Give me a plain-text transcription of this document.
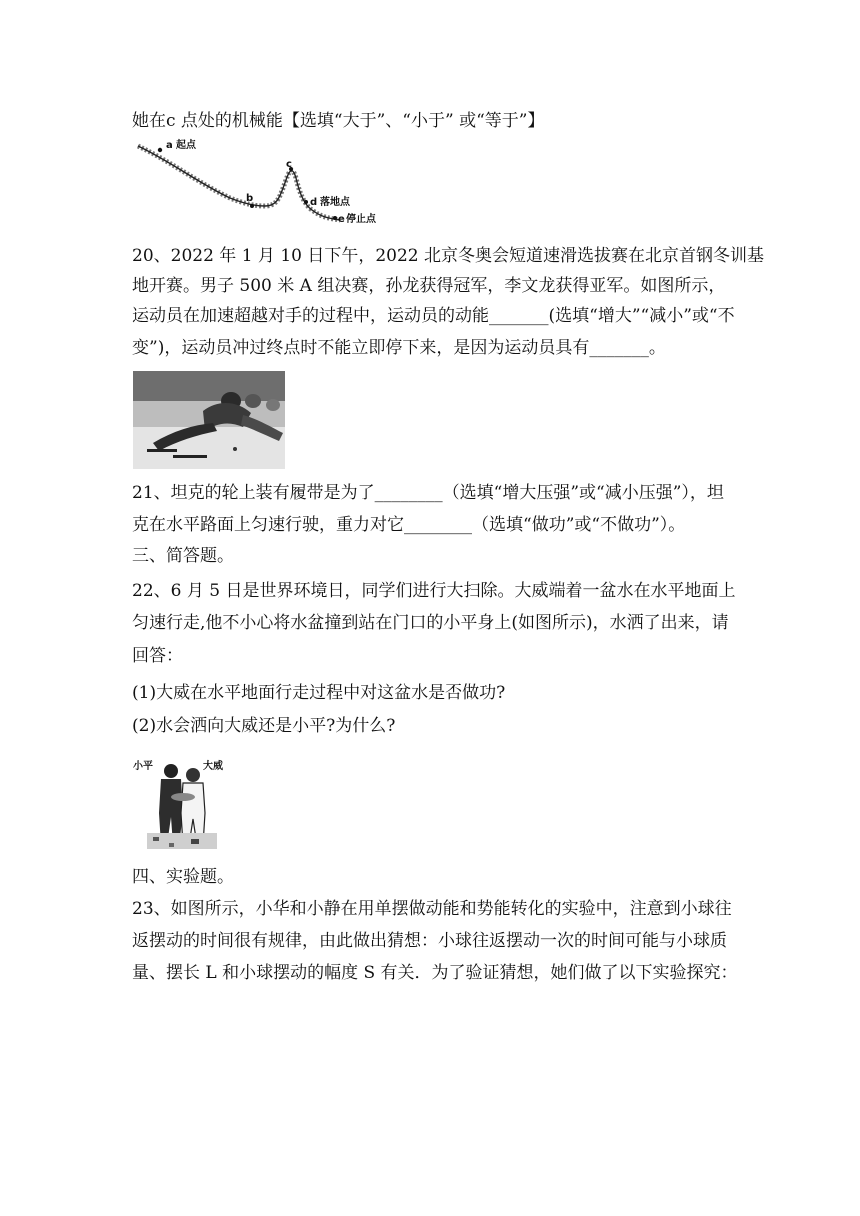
她在c 点处的机械能【选填“大于”、“小于” 或“等于”】
a 起点
b
c
d 落地点
e 停止点
20、2022 年 1 月 10 日下午，2022 北京冬奥会短道速滑选拔赛在北京首钢冬训基
地开赛。男子 500 米 A 组决赛，孙龙获得冠军，李文龙获得亚军。如图所示，
运动员在加速超越对手的过程中，运动员的动能_______(选填“增大”“减小”或“不
变”)，运动员冲过终点时不能立即停下来，是因为运动员具有_______。
21、坦克的轮上装有履带是为了________（选填“增大压强”或“减小压强”），坦
克在水平路面上匀速行驶，重力对它________（选填“做功”或“不做功”）。
三、简答题。
22、6 月 5 日是世界环境日，同学们进行大扫除。大威端着一盆水在水平地面上
匀速行走,他不小心将水盆撞到站在门口的小平身上(如图所示)，水洒了出来，请
回答：
(1)大威在水平地面行走过程中对这盆水是否做功?
(2)水会洒向大威还是小平?为什么?
小平	大威
四、实验题。
23、如图所示，小华和小静在用单摆做动能和势能转化的实验中，注意到小球往
返摆动的时间很有规律，由此做出猜想：小球往返摆动一次的时间可能与小球质
量、摆长 L 和小球摆动的幅度 S 有关．为了验证猜想，她们做了以下实验探究：
